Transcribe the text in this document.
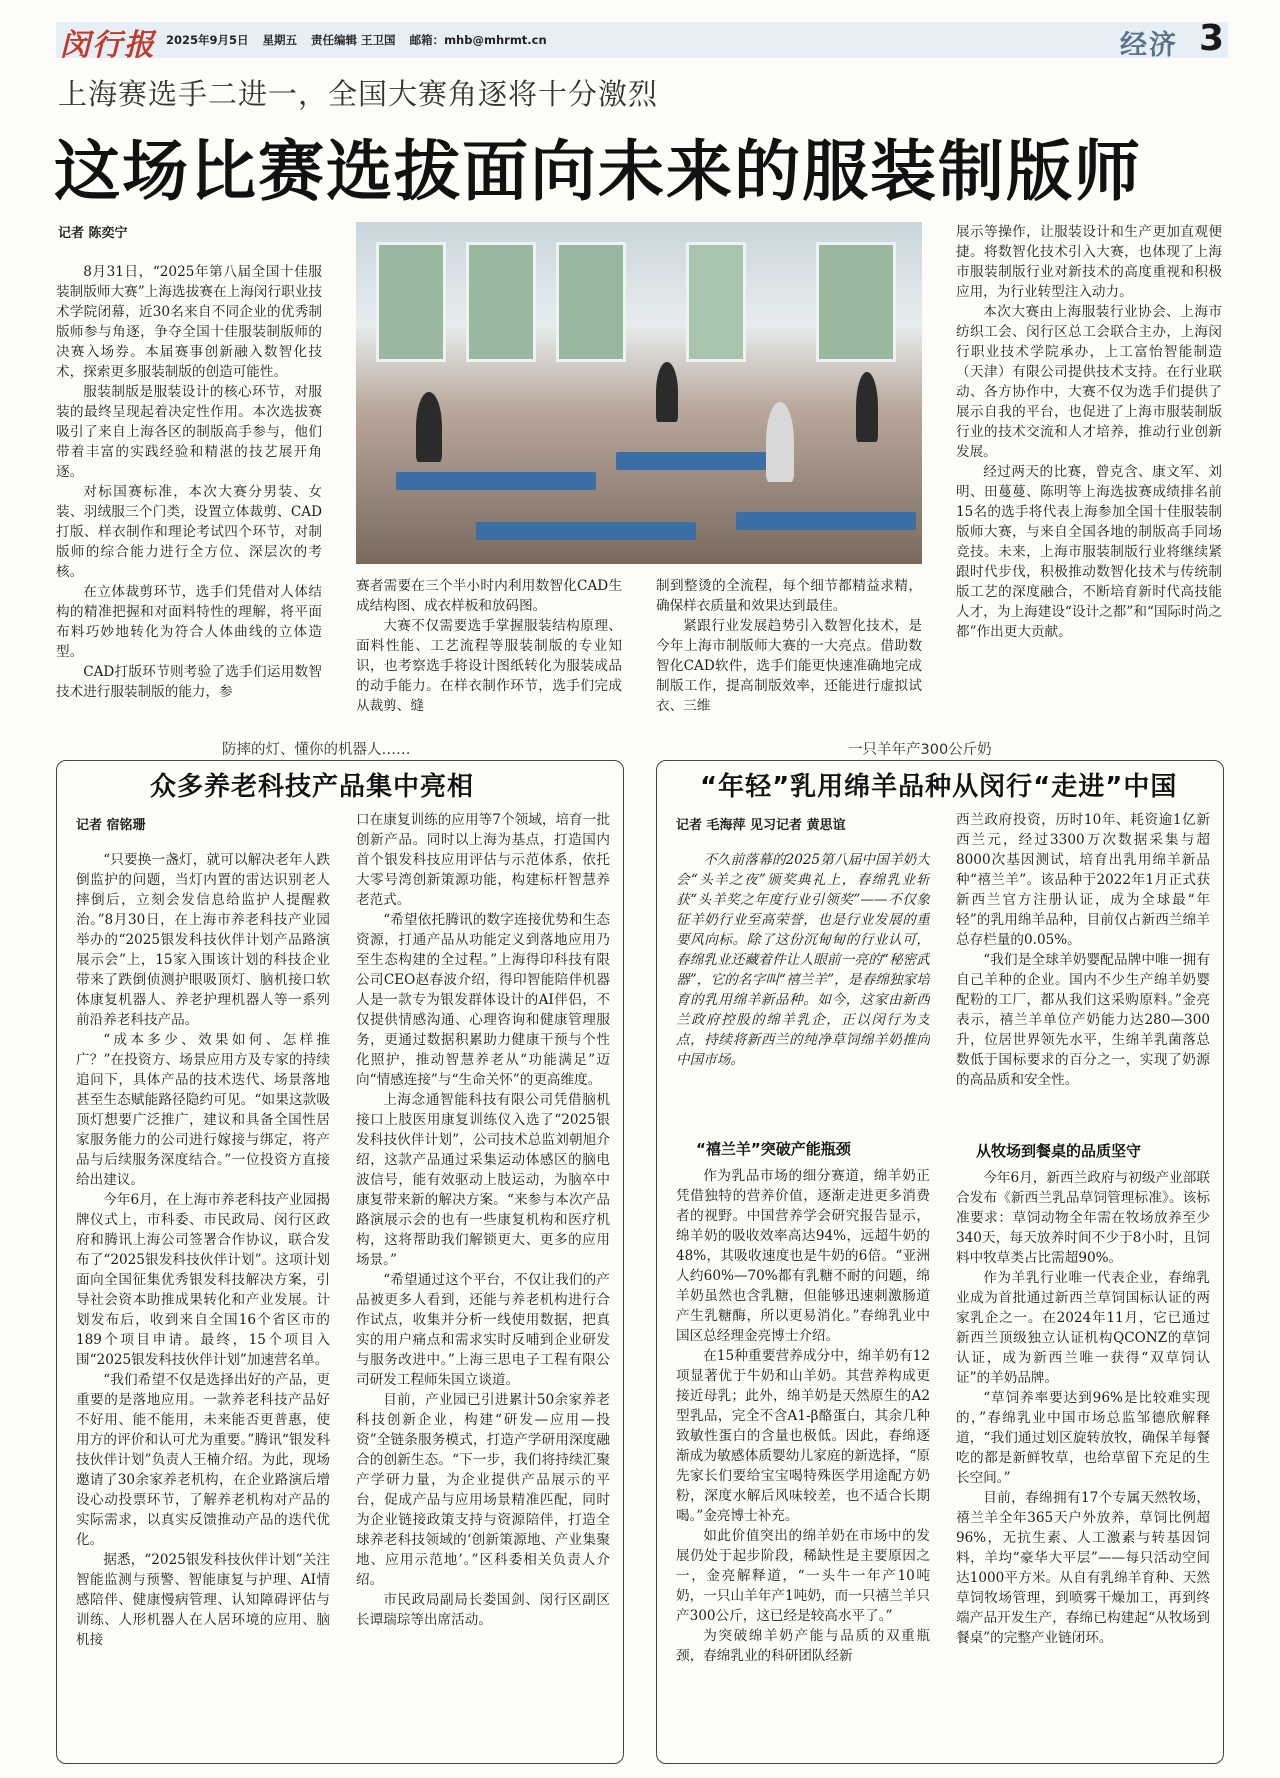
闵行报 2025年9月5日 星期五 责任编辑 王卫国 邮箱：mhb@mhrmt.cn	经济 3
上海赛选手二进一，全国大赛角逐将十分激烈
这场比赛选拔面向未来的服装制版师
记者 陈奕宁

8月31日，“2025年第八届全国十佳服装制版师大赛”上海选拔赛在上海闵行职业技术学院闭幕，近30名来自不同企业的优秀制版师参与角逐，争夺全国十佳服装制版师的决赛入场券。本届赛事创新融入数智化技术，探索更多服装制版的创造可能性。

服装制版是服装设计的核心环节，对服装的最终呈现起着决定性作用。本次选拔赛吸引了来自上海各区的制版高手参与，他们带着丰富的实践经验和精湛的技艺展开角逐。

对标国赛标准，本次大赛分男装、女装、羽绒服三个门类，设置立体裁剪、CAD打版、样衣制作和理论考试四个环节，对制版师的综合能力进行全方位、深层次的考核。

在立体裁剪环节，选手们凭借对人体结构的精准把握和对面料特性的理解，将平面布料巧妙地转化为符合人体曲线的立体造型。

CAD打版环节则考验了选手们运用数智技术进行服装制版的能力，参

赛者需要在三个半小时内利用数智化CAD生成结构图、成衣样板和放码图。

大赛不仅需要选手掌握服装结构原理、面料性能、工艺流程等服装制版的专业知识，也考察选手将设计图纸转化为服装成品的动手能力。在样衣制作环节，选手们完成从裁剪、缝

制到整烫的全流程，每个细节都精益求精，确保样衣质量和效果达到最佳。

紧跟行业发展趋势引入数智化技术，是今年上海市制版师大赛的一大亮点。借助数智化CAD软件，选手们能更快速准确地完成制版工作，提高制版效率，还能进行虚拟试衣、三维

展示等操作，让服装设计和生产更加直观便捷。将数智化技术引入大赛，也体现了上海市服装制版行业对新技术的高度重视和积极应用，为行业转型注入动力。

本次大赛由上海服装行业协会、上海市纺织工会、闵行区总工会联合主办，上海闵行职业技术学院承办，上工富怡智能制造（天津）有限公司提供技术支持。在行业联动、各方协作中，大赛不仅为选手们提供了展示自我的平台，也促进了上海市服装制版行业的技术交流和人才培养，推动行业创新发展。

经过两天的比赛，曾克含、康文军、刘明、田蔓蔓、陈明等上海选拔赛成绩排名前15名的选手将代表上海参加全国十佳服装制版师大赛，与来自全国各地的制版高手同场竞技。未来，上海市服装制版行业将继续紧跟时代步伐，积极推动数智化技术与传统制版工艺的深度融合，不断培育新时代高技能人才，为上海建设“设计之都”和“国际时尚之都”作出更大贡献。

防摔的灯、懂你的机器人……
众多养老科技产品集中亮相
记者 宿铭珊

“只要换一盏灯，就可以解决老年人跌倒监护的问题，当灯内置的雷达识别老人摔倒后，立刻会发信息给监护人提醒救治。”8月30日，在上海市养老科技产业园举办的“2025银发科技伙伴计划产品路演展示会”上，15家入围该计划的科技企业带来了跌倒侦测护眼吸顶灯、脑机接口软体康复机器人、养老护理机器人等一系列前沿养老科技产品。

“成本多少、效果如何、怎样推广？”在投资方、场景应用方及专家的持续追问下，具体产品的技术迭代、场景落地甚至生态赋能路径隐约可见。“如果这款吸顶灯想要广泛推广，建议和具备全国性居家服务能力的公司进行嫁接与绑定，将产品与后续服务深度结合。”一位投资方直接给出建议。

今年6月，在上海市养老科技产业园揭牌仪式上，市科委、市民政局、闵行区政府和腾讯上海公司签署合作协议，联合发布了“2025银发科技伙伴计划”。这项计划面向全国征集优秀银发科技解决方案，引导社会资本助推成果转化和产业发展。计划发布后，收到来自全国16个省区市的189个项目申请。最终，15个项目入围“2025银发科技伙伴计划”加速营名单。

“我们希望不仅是选择出好的产品，更重要的是落地应用。一款养老科技产品好不好用、能不能用，未来能否更普惠，使用方的评价和认可尤为重要。”腾讯“银发科技伙伴计划”负责人王楠介绍。为此，现场邀请了30余家养老机构，在企业路演后增设心动投票环节，了解养老机构对产品的实际需求，以真实反馈推动产品的迭代优化。

据悉，“2025银发科技伙伴计划”关注智能监测与预警、智能康复与护理、AI情感陪伴、健康慢病管理、认知障碍评估与训练、人形机器人在人居环境的应用、脑机接

口在康复训练的应用等7个领域，培育一批创新产品。同时以上海为基点，打造国内首个银发科技应用评估与示范体系，依托大零号湾创新策源功能，构建标杆智慧养老范式。

“希望依托腾讯的数字连接优势和生态资源，打通产品从功能定义到落地应用乃至生态构建的全过程。”上海得印科技有限公司CEO赵春波介绍，得印智能陪伴机器人是一款专为银发群体设计的AI伴侣，不仅提供情感沟通、心理咨询和健康管理服务，更通过数据积累助力健康干预与个性化照护，推动智慧养老从“功能满足”迈向“情感连接”与“生命关怀”的更高维度。

上海念通智能科技有限公司凭借脑机接口上肢医用康复训练仪入选了“2025银发科技伙伴计划”，公司技术总监刘朝旭介绍，这款产品通过采集运动体感区的脑电波信号，能有效驱动上肢运动，为脑卒中康复带来新的解决方案。“来参与本次产品路演展示会的也有一些康复机构和医疗机构，这将帮助我们解锁更大、更多的应用场景。”

“希望通过这个平台，不仅让我们的产品被更多人看到，还能与养老机构进行合作试点，收集并分析一线使用数据，把真实的用户痛点和需求实时反哺到企业研发与服务改进中。”上海三思电子工程有限公司研发工程师朱国立谈道。

目前，产业园已引进累计50余家养老科技创新企业，构建“研发—应用—投资”全链条服务模式，打造产学研用深度融合的创新生态。“下一步，我们将持续汇聚产学研力量，为企业提供产品展示的平台，促成产品与应用场景精准匹配，同时为企业链接政策支持与资源陪伴，打造全球养老科技领域的‘创新策源地、产业集聚地、应用示范地’。”区科委相关负责人介绍。

市民政局副局长娄国剑、闵行区副区长谭瑞琮等出席活动。

一只羊年产300公斤奶
“年轻”乳用绵羊品种从闵行“走进”中国
记者 毛海萍 见习记者 黄思谊

不久前落幕的2025第八届中国羊奶大会“头羊之夜”颁奖典礼上，春绵乳业斩获“头羊奖之年度行业引领奖”——不仅象征羊奶行业至高荣誉，也是行业发展的重要风向标。除了这份沉甸甸的行业认可，春绵乳业还藏着件让人眼前一亮的“秘密武器”，它的名字叫“禧兰羊”，是春绵独家培育的乳用绵羊新品种。如今，这家由新西兰政府控股的绵羊乳企，正以闵行为支点，持续将新西兰的纯净草饲绵羊奶推向中国市场。

“禧兰羊”突破产能瓶颈

作为乳品市场的细分赛道，绵羊奶正凭借独特的营养价值，逐渐走进更多消费者的视野。中国营养学会研究报告显示，绵羊奶的吸收效率高达94%，远超牛奶的48%，其吸收速度也是牛奶的6倍。“亚洲人约60%—70%都有乳糖不耐的问题，绵羊奶虽然也含乳糖，但能够迅速刺激肠道产生乳糖酶，所以更易消化。”春绵乳业中国区总经理金亮博士介绍。

在15种重要营养成分中，绵羊奶有12项显著优于牛奶和山羊奶。其营养构成更接近母乳；此外，绵羊奶是天然原生的A2型乳品，完全不含A1-β酪蛋白，其余几种致敏性蛋白的含量也极低。因此，春绵逐渐成为敏感体质婴幼儿家庭的新选择，“原先家长们要给宝宝喝特殊医学用途配方奶粉，深度水解后风味较差，也不适合长期喝。”金亮博士补充。

如此价值突出的绵羊奶在市场中的发展仍处于起步阶段，稀缺性是主要原因之一，金亮解释道，“一头牛一年产10吨奶，一只山羊年产1吨奶，而一只禧兰羊只产300公斤，这已经是较高水平了。”

为突破绵羊奶产能与品质的双重瓶颈，春绵乳业的科研团队经新

西兰政府投资，历时10年、耗资逾1亿新西兰元，经过3300万次数据采集与超8000次基因测试，培育出乳用绵羊新品种“禧兰羊”。该品种于2022年1月正式获新西兰官方注册认证，成为全球最“年轻”的乳用绵羊品种，目前仅占新西兰绵羊总存栏量的0.05%。

“我们是全球羊奶婴配品牌中唯一拥有自己羊种的企业。国内不少生产绵羊奶婴配粉的工厂，都从我们这采购原料。”金亮表示，禧兰羊单位产奶能力达280—300升，位居世界领先水平，生绵羊乳菌落总数低于国标要求的百分之一，实现了奶源的高品质和安全性。

从牧场到餐桌的品质坚守

今年6月，新西兰政府与初级产业部联合发布《新西兰乳品草饲管理标准》。该标准要求：草饲动物全年需在牧场放养至少340天，每天放养时间不少于8小时，且饲料中牧草类占比需超90%。

作为羊乳行业唯一代表企业，春绵乳业成为首批通过新西兰草饲国标认证的两家乳企之一。在2024年11月，它已通过新西兰顶级独立认证机构QCONZ的草饲认证，成为新西兰唯一获得“双草饲认证”的羊奶品牌。

“草饲养率要达到96%是比较难实现的，”春绵乳业中国市场总监邹德欣解释道，“我们通过划区旋转放牧，确保羊每餐吃的都是新鲜牧草，也给草留下充足的生长空间。”

目前，春绵拥有17个专属天然牧场，禧兰羊全年365天户外放养，草饲比例超96%，无抗生素、人工激素与转基因饲料，羊均“豪华大平层”——每只活动空间达1000平方米。从自有乳绵羊育种、天然草饲牧场管理，到喷雾干燥加工，再到终端产品开发生产，春绵已构建起“从牧场到餐桌”的完整产业链闭环。
